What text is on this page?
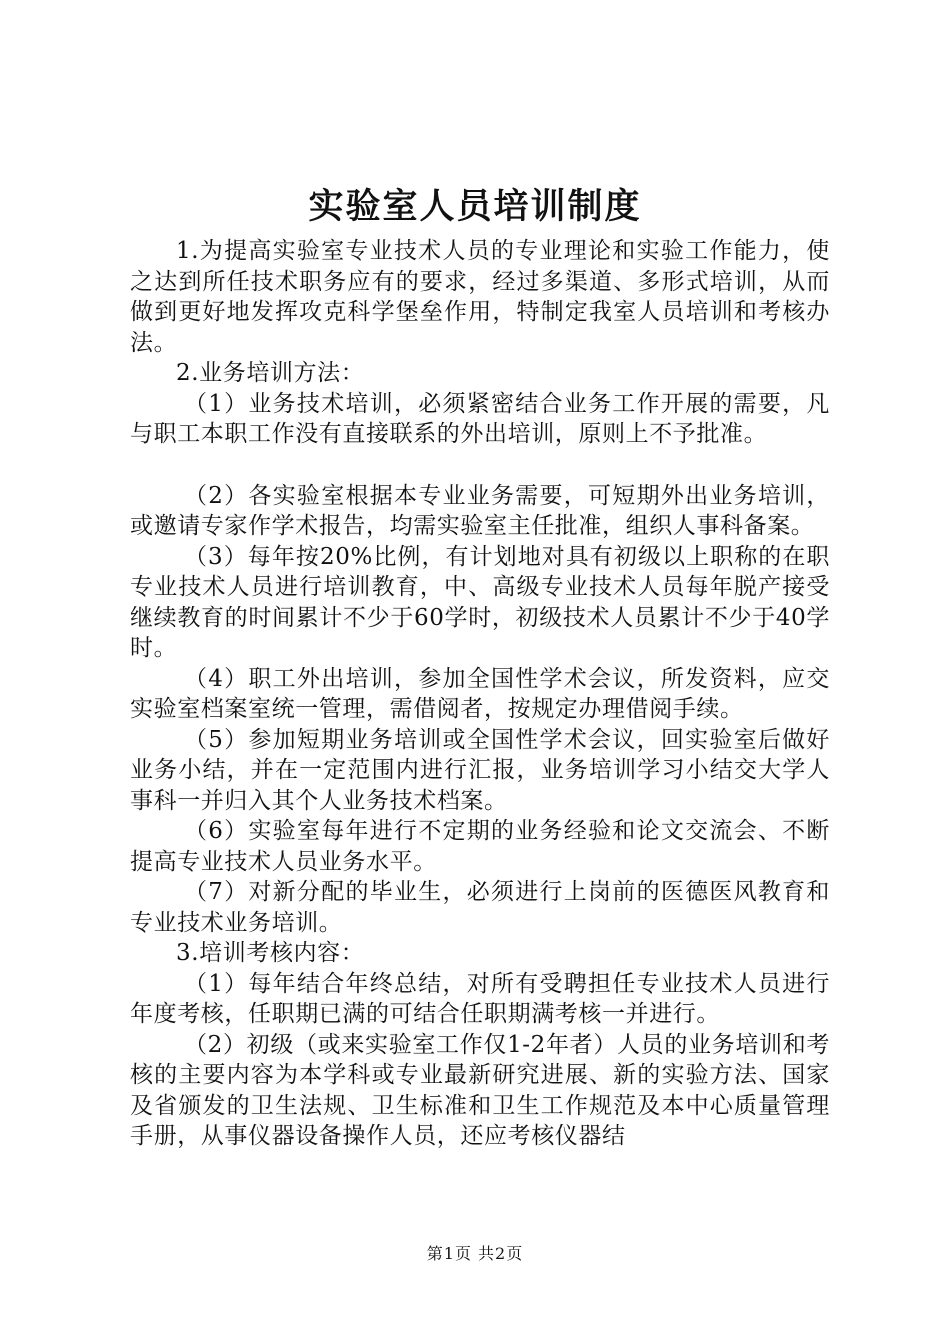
实验室人员培训制度

1.为提高实验室专业技术人员的专业理论和实验工作能力，使之达到所任技术职务应有的要求，经过多渠道、多形式培训，从而做到更好地发挥攻克科学堡垒作用，特制定我室人员培训和考核办法。

2.业务培训方法：

（1）业务技术培训，必须紧密结合业务工作开展的需要，凡与职工本职工作没有直接联系的外出培训，原则上不予批准。

（2）各实验室根据本专业业务需要，可短期外出业务培训，或邀请专家作学术报告，均需实验室主任批准，组织人事科备案。

（3）每年按20%比例，有计划地对具有初级以上职称的在职专业技术人员进行培训教育，中、高级专业技术人员每年脱产接受继续教育的时间累计不少于60学时，初级技术人员累计不少于40学时。

（4）职工外出培训，参加全国性学术会议，所发资料，应交实验室档案室统一管理，需借阅者，按规定办理借阅手续。

（5）参加短期业务培训或全国性学术会议，回实验室后做好业务小结，并在一定范围内进行汇报，业务培训学习小结交大学人事科一并归入其个人业务技术档案。

（6）实验室每年进行不定期的业务经验和论文交流会、不断提高专业技术人员业务水平。

（7）对新分配的毕业生，必须进行上岗前的医德医风教育和专业技术业务培训。

3.培训考核内容：

（1）每年结合年终总结，对所有受聘担任专业技术人员进行年度考核，任职期已满的可结合任职期满考核一并进行。

（2）初级（或来实验室工作仅1-2年者）人员的业务培训和考核的主要内容为本学科或专业最新研究进展、新的实验方法、国家及省颁发的卫生法规、卫生标准和卫生工作规范及本中心质量管理手册，从事仪器设备操作人员，还应考核仪器结

第1页 共2页
